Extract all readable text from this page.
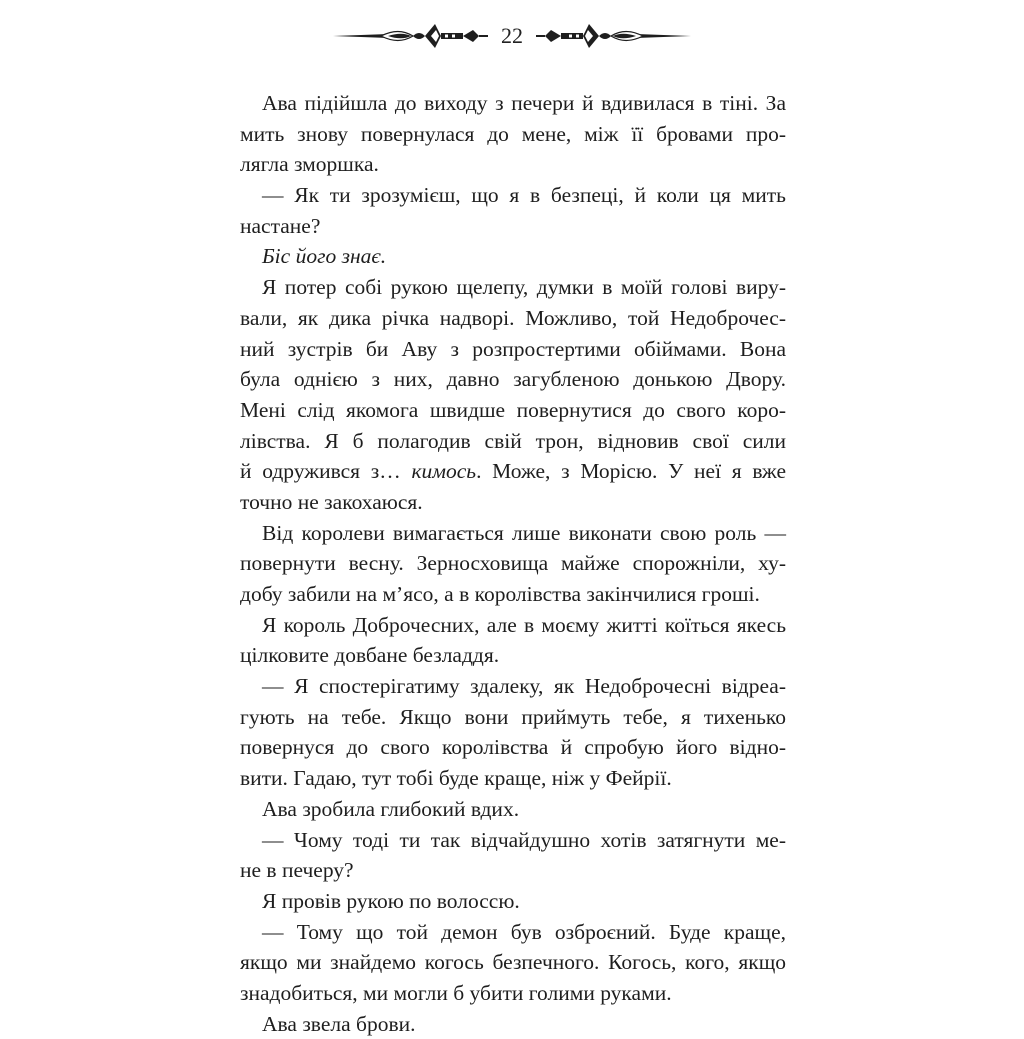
22
Ава підійшла до виходу з печери й вдивилася в тіні. За
мить знову повернулася до мене, між її бровами про-
лягла зморшка.
— Як ти зрозумієш, що я в безпеці, й коли ця мить
настане?
Біс його знає.
Я потер собі рукою щелепу, думки в моїй голові виру-
вали, як дика річка надворі. Можливо, той Недоброчес-
ний зустрів би Аву з розпростертими обіймами. Вона
була однією з них, давно загубленою донькою Двору.
Мені слід якомога швидше повернутися до свого коро-
лівства. Я б полагодив свій трон, відновив свої сили
й одружився з… кимось. Може, з Морісю. У неї я вже
точно не закохаюся.
Від королеви вимагається лише виконати свою роль —
повернути весну. Зерносховища майже спорожніли, ху-
добу забили на м’ясо, а в королівства закінчилися гроші.
Я король Доброчесних, але в моєму житті коїться якесь
цілковите довбане безладдя.
— Я спостерігатиму здалеку, як Недоброчесні відреа-
гують на тебе. Якщо вони приймуть тебе, я тихенько
повернуся до свого королівства й спробую його відно-
вити. Гадаю, тут тобі буде краще, ніж у Фейрії.
Ава зробила глибокий вдих.
— Чому тоді ти так відчайдушно хотів затягнути ме-
не в печеру?
Я провів рукою по волоссю.
— Тому що той демон був озброєний. Буде краще,
якщо ми знайдемо когось безпечного. Когось, кого, якщо
знадобиться, ми могли б убити голими руками.
Ава звела брови.
